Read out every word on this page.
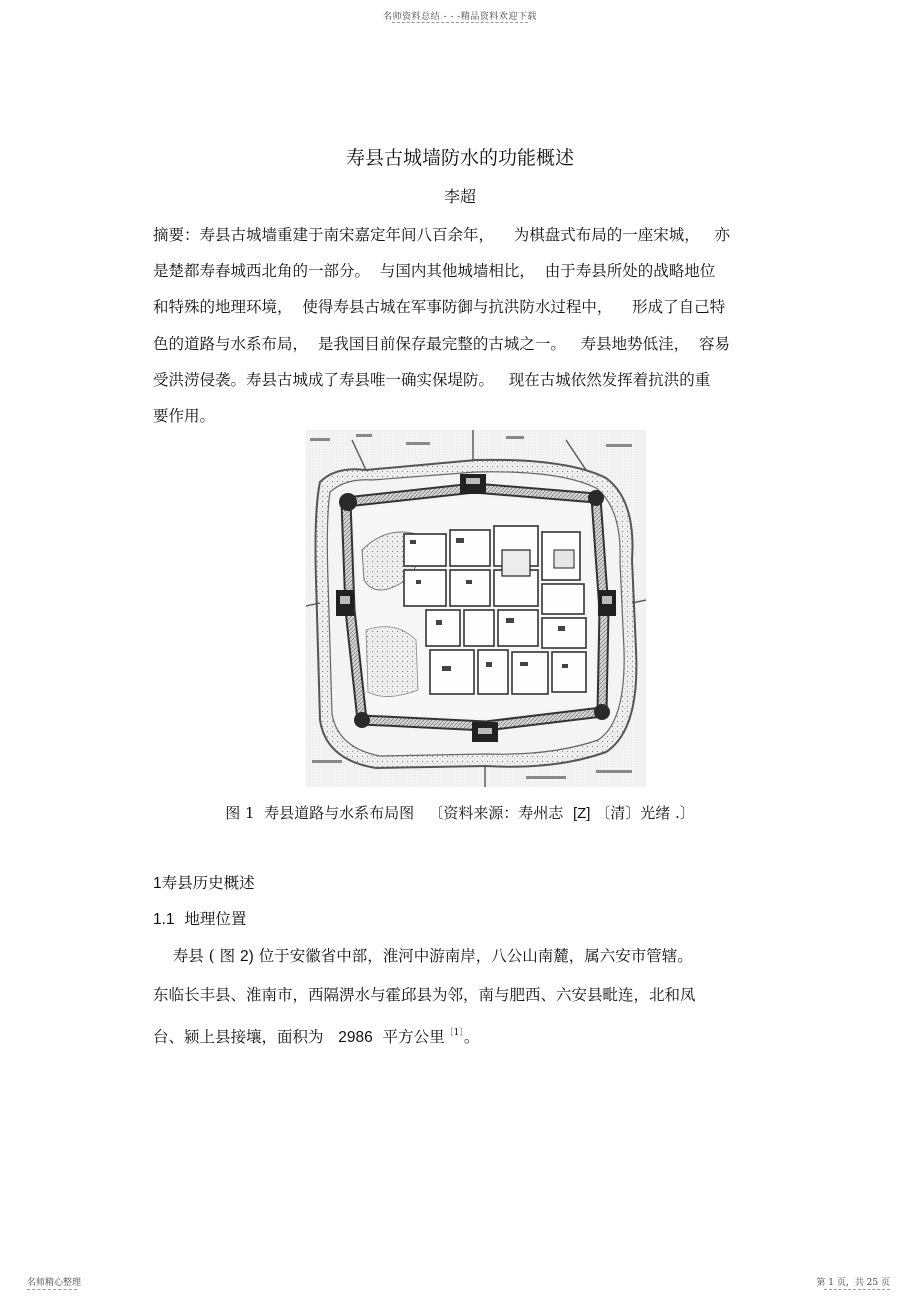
名师资料总结 - - -精品资料欢迎下载
寿县古城墙防水的功能概述
李超
摘要：寿县古城墙重建于南宋嘉定年间八百余年，    为棋盘式布局的一座宋城，   亦
是楚都寿春城西北角的一部分。  与国内其他城墙相比，  由于寿县所处的战略地位
和特殊的地理环境，  使得寿县古城在军事防御与抗洪防水过程中，    形成了自己特
色的道路与水系布局，  是我国目前保存最完整的古城之一。   寿县地势低洼，  容易
受洪涝侵袭。寿县古城成了寿县唯一确实保堤防。   现在古城依然发挥着抗洪的重
要作用。
图 1  寿县道路与水系布局图   〔资料来源：寿州志  [Z] 〔清〕光绪 .〕
1寿县历史概述
1.1  地理位置
寿县 ( 图 2) 位于安徽省中部，淮河中游南岸，八公山南麓，属六安市管辖。
东临长丰县、淮南市，西隔淠水与霍邱县为邻，南与肥西、六安县毗连，北和凤
台、颍上县接壤，面积为   2986  平方公里$^{〔1〕}$。
名师精心整理	第 1 页，共 25 页
